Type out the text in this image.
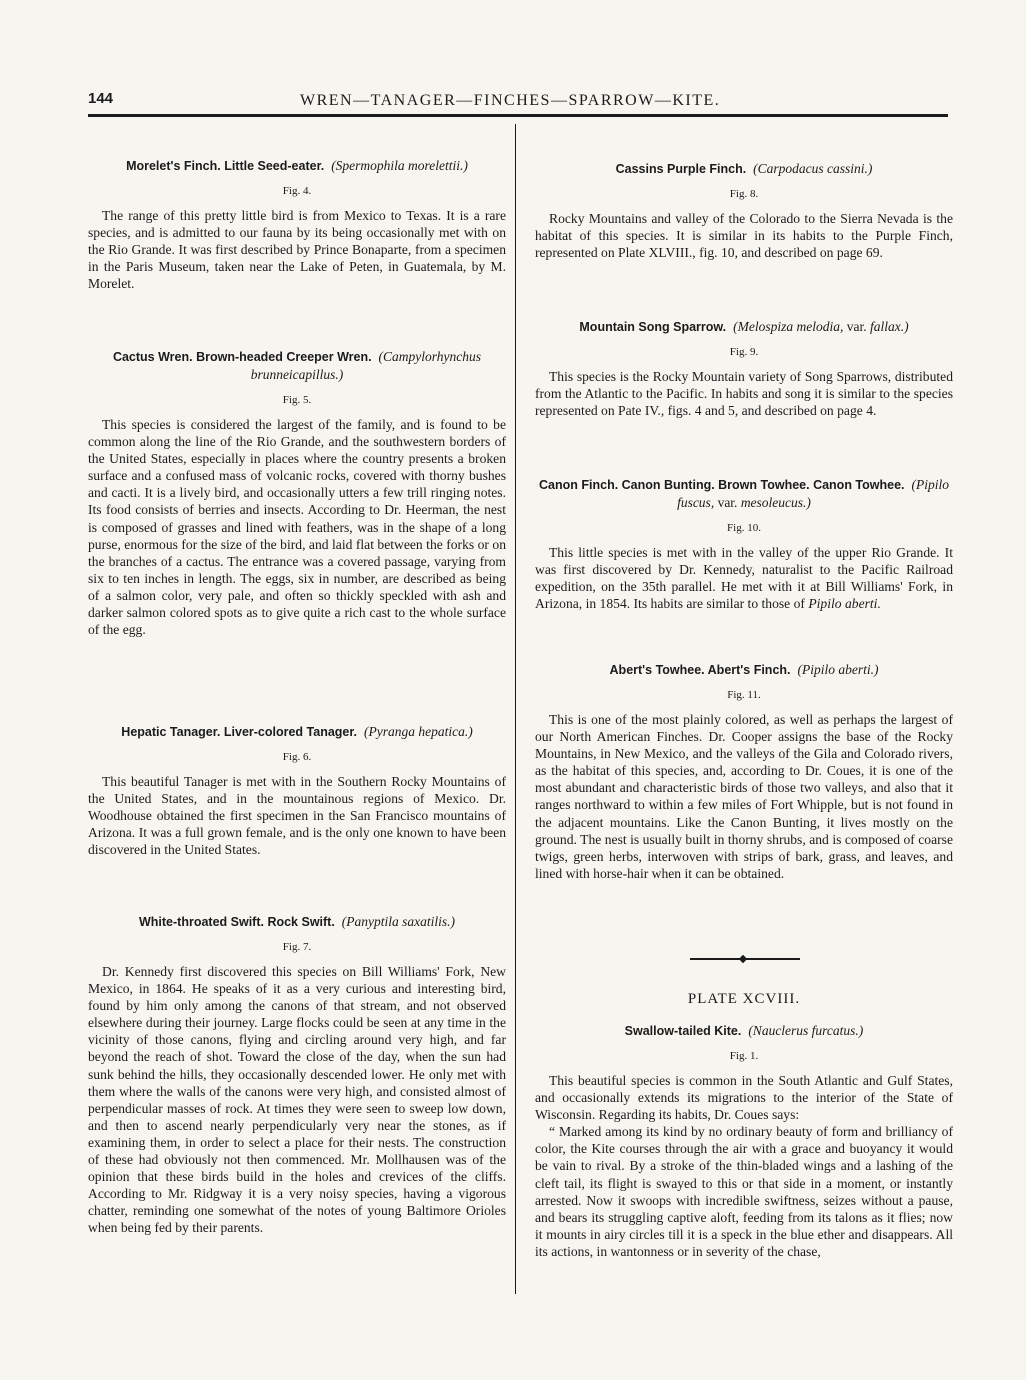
144	WREN—TANAGER—FINCHES—SPARROW—KITE.
Morelet's Finch. Little Seed-eater. (Spermophila morelettii.)
Fig. 4.
The range of this pretty little bird is from Mexico to Texas. It is a rare species, and is admitted to our fauna by its being occasionally met with on the Rio Grande. It was first described by Prince Bonaparte, from a specimen in the Paris Museum, taken near the Lake of Peten, in Guatemala, by M. Morelet.
Cactus Wren. Brown-headed Creeper Wren. (Campylorhynchus brunneicapillus.)
Fig. 5.
This species is considered the largest of the family, and is found to be common along the line of the Rio Grande, and the southwestern borders of the United States, especially in places where the country presents a broken surface and a confused mass of volcanic rocks, covered with thorny bushes and cacti. It is a lively bird, and occasionally utters a few trill ringing notes. Its food consists of berries and insects. According to Dr. Heerman, the nest is composed of grasses and lined with feathers, was in the shape of a long purse, enormous for the size of the bird, and laid flat between the forks or on the branches of a cactus. The entrance was a covered passage, varying from six to ten inches in length. The eggs, six in number, are described as being of a salmon color, very pale, and often so thickly speckled with ash and darker salmon colored spots as to give quite a rich cast to the whole surface of the egg.
Hepatic Tanager. Liver-colored Tanager. (Pyranga hepatica.)
Fig. 6.
This beautiful Tanager is met with in the Southern Rocky Mountains of the United States, and in the mountainous regions of Mexico. Dr. Woodhouse obtained the first specimen in the San Francisco mountains of Arizona. It was a full grown female, and is the only one known to have been discovered in the United States.
White-throated Swift. Rock Swift. (Panyptila saxatilis.)
Fig. 7.
Dr. Kennedy first discovered this species on Bill Williams' Fork, New Mexico, in 1864. He speaks of it as a very curious and interesting bird, found by him only among the canons of that stream, and not observed elsewhere during their journey. Large flocks could be seen at any time in the vicinity of those canons, flying and circling around very high, and far beyond the reach of shot. Toward the close of the day, when the sun had sunk behind the hills, they occasionally descended lower. He only met with them where the walls of the canons were very high, and consisted almost of perpendicular masses of rock. At times they were seen to sweep low down, and then to ascend nearly perpendicularly very near the stones, as if examining them, in order to select a place for their nests. The construction of these had obviously not then commenced. Mr. Mollhausen was of the opinion that these birds build in the holes and crevices of the cliffs. According to Mr. Ridgway it is a very noisy species, having a vigorous chatter, reminding one somewhat of the notes of young Baltimore Orioles when being fed by their parents.
Cassins Purple Finch. (Carpodacus cassini.)
Fig. 8.
Rocky Mountains and valley of the Colorado to the Sierra Nevada is the habitat of this species. It is similar in its habits to the Purple Finch, represented on Plate XLVIII., fig. 10, and described on page 69.
Mountain Song Sparrow. (Melospiza melodia, var. fallax.)
Fig. 9.
This species is the Rocky Mountain variety of Song Sparrows, distributed from the Atlantic to the Pacific. In habits and song it is similar to the species represented on Pate IV., figs. 4 and 5, and described on page 4.
Canon Finch. Canon Bunting. Brown Towhee. Canon Towhee. (Pipilo fuscus, var. mesoleucus.)
Fig. 10.
This little species is met with in the valley of the upper Rio Grande. It was first discovered by Dr. Kennedy, naturalist to the Pacific Railroad expedition, on the 35th parallel. He met with it at Bill Williams' Fork, in Arizona, in 1854. Its habits are similar to those of Pipilo aberti.
Abert's Towhee. Abert's Finch. (Pipilo aberti.)
Fig. 11.
This is one of the most plainly colored, as well as perhaps the largest of our North American Finches. Dr. Cooper assigns the base of the Rocky Mountains, in New Mexico, and the valleys of the Gila and Colorado rivers, as the habitat of this species, and, according to Dr. Coues, it is one of the most abundant and characteristic birds of those two valleys, and also that it ranges northward to within a few miles of Fort Whipple, but is not found in the adjacent mountains. Like the Canon Bunting, it lives mostly on the ground. The nest is usually built in thorny shrubs, and is composed of coarse twigs, green herbs, interwoven with strips of bark, grass, and leaves, and lined with horse-hair when it can be obtained.
PLATE XCVIII.
Swallow-tailed Kite. (Nauclerus furcatus.)
Fig. 1.
This beautiful species is common in the South Atlantic and Gulf States, and occasionally extends its migrations to the interior of the State of Wisconsin. Regarding its habits, Dr. Coues says:
“ Marked among its kind by no ordinary beauty of form and brilliancy of color, the Kite courses through the air with a grace and buoyancy it would be vain to rival. By a stroke of the thin-bladed wings and a lashing of the cleft tail, its flight is swayed to this or that side in a moment, or instantly arrested. Now it swoops with incredible swiftness, seizes without a pause, and bears its struggling captive aloft, feeding from its talons as it flies; now it mounts in airy circles till it is a speck in the blue ether and disappears. All its actions, in wantonness or in severity of the chase,
